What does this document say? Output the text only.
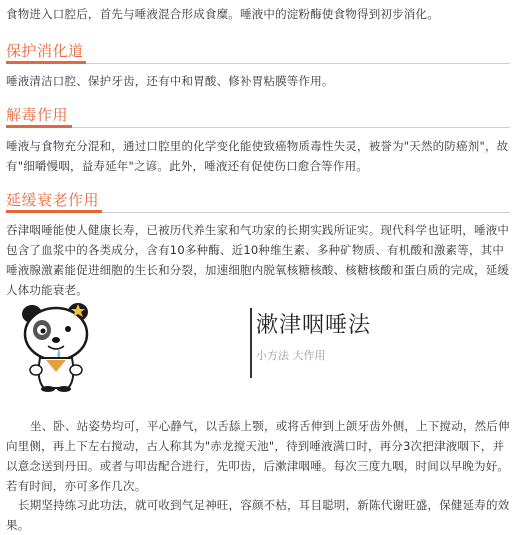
食物进入口腔后，首先与唾液混合形成食糜。唾液中的淀粉酶使食物得到初步消化。

保护消化道

唾液清洁口腔、保护牙齿，还有中和胃酸、修补胃粘膜等作用。

解毒作用

唾液与食物充分混和，通过口腔里的化学变化能使致癌物质毒性失灵，被誉为"天然的防癌剂"，故有"细嚼慢咽，益寿延年"之谚。此外，唾液还有促使伤口愈合等作用。

延缓衰老作用

吞津咽唾能使人健康长寿，已被历代养生家和气功家的长期实践所证实。现代科学也证明，唾液中包含了血浆中的各类成分，含有10多种酶、近10种维生素、多种矿物质、有机酸和激素等，其中唾液腺激素能促进细胞的生长和分裂，加速细胞内脱氧核糖核酸、核糖核酸和蛋白质的完成，延缓人体功能衰老。

漱津咽唾法
小方法 大作用

坐、卧、站姿势均可，平心静气，以舌舔上颚，或将舌伸到上颌牙齿外侧，上下搅动，然后伸向里侧，再上下左右搅动，古人称其为"赤龙搅天池"，待到唾液满口时，再分3次把津液咽下，并以意念送到丹田。或者与叩齿配合进行，先叩齿，后漱津咽唾。每次三度九咽，时间以早晚为好。若有时间，亦可多作几次。

长期坚持练习此功法，就可收到气足神旺，容颜不枯，耳目聪明，新陈代谢旺盛，保健延寿的效果。
